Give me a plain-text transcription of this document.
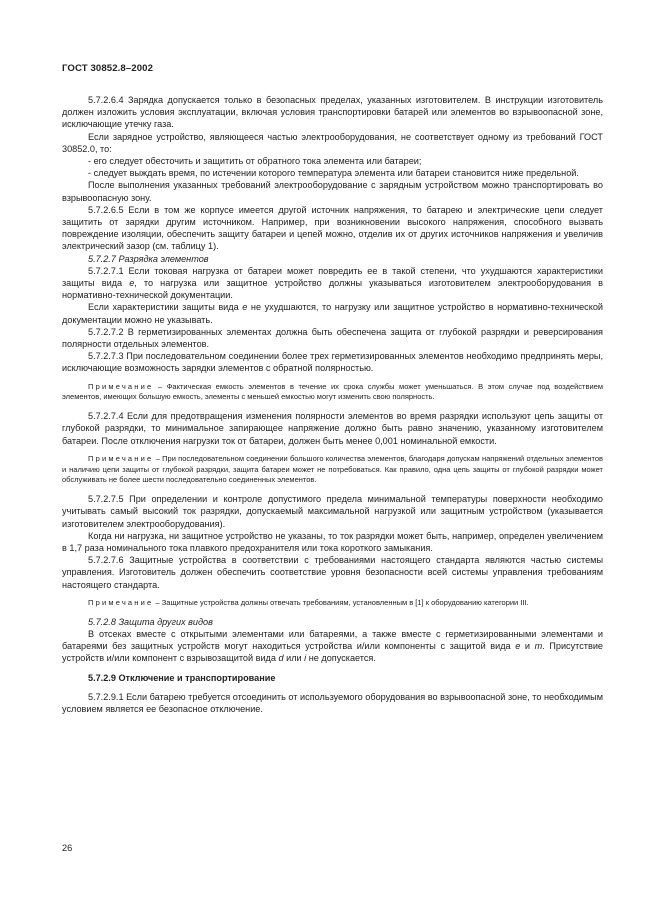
ГОСТ 30852.8–2002

5.7.2.6.4 Зарядка допускается только в безопасных пределах, указанных изготовителем. В инструкции изготовитель должен изложить условия эксплуатации, включая условия транспортировки батарей или элементов во взрывоопасной зоне, исключающие утечку газа.

Если зарядное устройство, являющееся частью электрооборудования, не соответствует одному из требований ГОСТ 30852.0, то:

- его следует обесточить и защитить от обратного тока элемента или батареи;

- следует выждать время, по истечении которого температура элемента или батареи становится ниже предельной.

После выполнения указанных требований электрооборудование с зарядным устройством можно транспортировать во взрывоопасную зону.

5.7.2.6.5 Если в том же корпусе имеется другой источник напряжения, то батарею и электрические цепи следует защитить от зарядки другим источником. Например, при возникновении высокого напряжения, способного вызвать повреждение изоляции, обеспечить защиту батареи и цепей можно, отделив их от других источников напряжения и увеличив электрический зазор (см. таблицу 1).

5.7.2.7 Разрядка элементов

5.7.2.7.1 Если токовая нагрузка от батареи может повредить ее в такой степени, что ухудшаются характеристики защиты вида е, то нагрузка или защитное устройство должны указываться изготовителем электрооборудования в нормативно-технической документации.

Если характеристики защиты вида е не ухудшаются, то нагрузку или защитное устройство в нормативно-технической документации можно не указывать.

5.7.2.7.2 В герметизированных элементах должна быть обеспечена защита от глубокой разрядки и реверсирования полярности отдельных элементов.

5.7.2.7.3 При последовательном соединении более трех герметизированных элементов необходимо предпринять меры, исключающие возможность зарядки элементов с обратной полярностью.

Примечание – Фактическая емкость элементов в течение их срока службы может уменьшаться. В этом случае под воздействием элементов, имеющих большую емкость, элементы с меньшей емкостью могут изменить свою полярность.

5.7.2.7.4 Если для предотвращения изменения полярности элементов во время разрядки используют цепь защиты от глубокой разрядки, то минимальное запирающее напряжение должно быть равно значению, указанному изготовителем батареи. После отключения нагрузки ток от батареи, должен быть менее 0,001 номинальной емкости.

Примечание – При последовательном соединении большого количества элементов, благодаря допускам напряжений отдельных элементов и наличию цепи защиты от глубокой разрядки, защита батареи может не потребоваться. Как правило, одна цепь защиты от глубокой разрядки может обслуживать не более шести последовательно соединенных элементов.

5.7.2.7.5 При определении и контроле допустимого предела минимальной температуры поверхности необходимо учитывать самый высокий ток разрядки, допускаемый максимальной нагрузкой или защитным устройством (указывается изготовителем электрооборудования).

Когда ни нагрузка, ни защитное устройство не указаны, то ток разрядки может быть, например, определен увеличением в 1,7 раза номинального тока плавкого предохранителя или тока короткого замыкания.

5.7.2.7.6 Защитные устройства в соответствии с требованиями настоящего стандарта являются частью системы управления. Изготовитель должен обеспечить соответствие уровня безопасности всей системы управления требованиям настоящего стандарта.

Примечание – Защитные устройства должны отвечать требованиям, установленным в [1] к оборудованию категории III.

5.7.2.8 Защита других видов

В отсеках вместе с открытыми элементами или батареями, а также вместе с герметизированными элементами и батареями без защитных устройств могут находиться устройства и/или компоненты с защитой вида е и m. Присутствие устройств и/или компонент с взрывозащитой вида d или i не допускается.

5.7.2.9 Отключение и транспортирование

5.7.2.9.1 Если батарею требуется отсоединить от используемого оборудования во взрывоопасной зоне, то необходимым условием является ее безопасное отключение.

26
